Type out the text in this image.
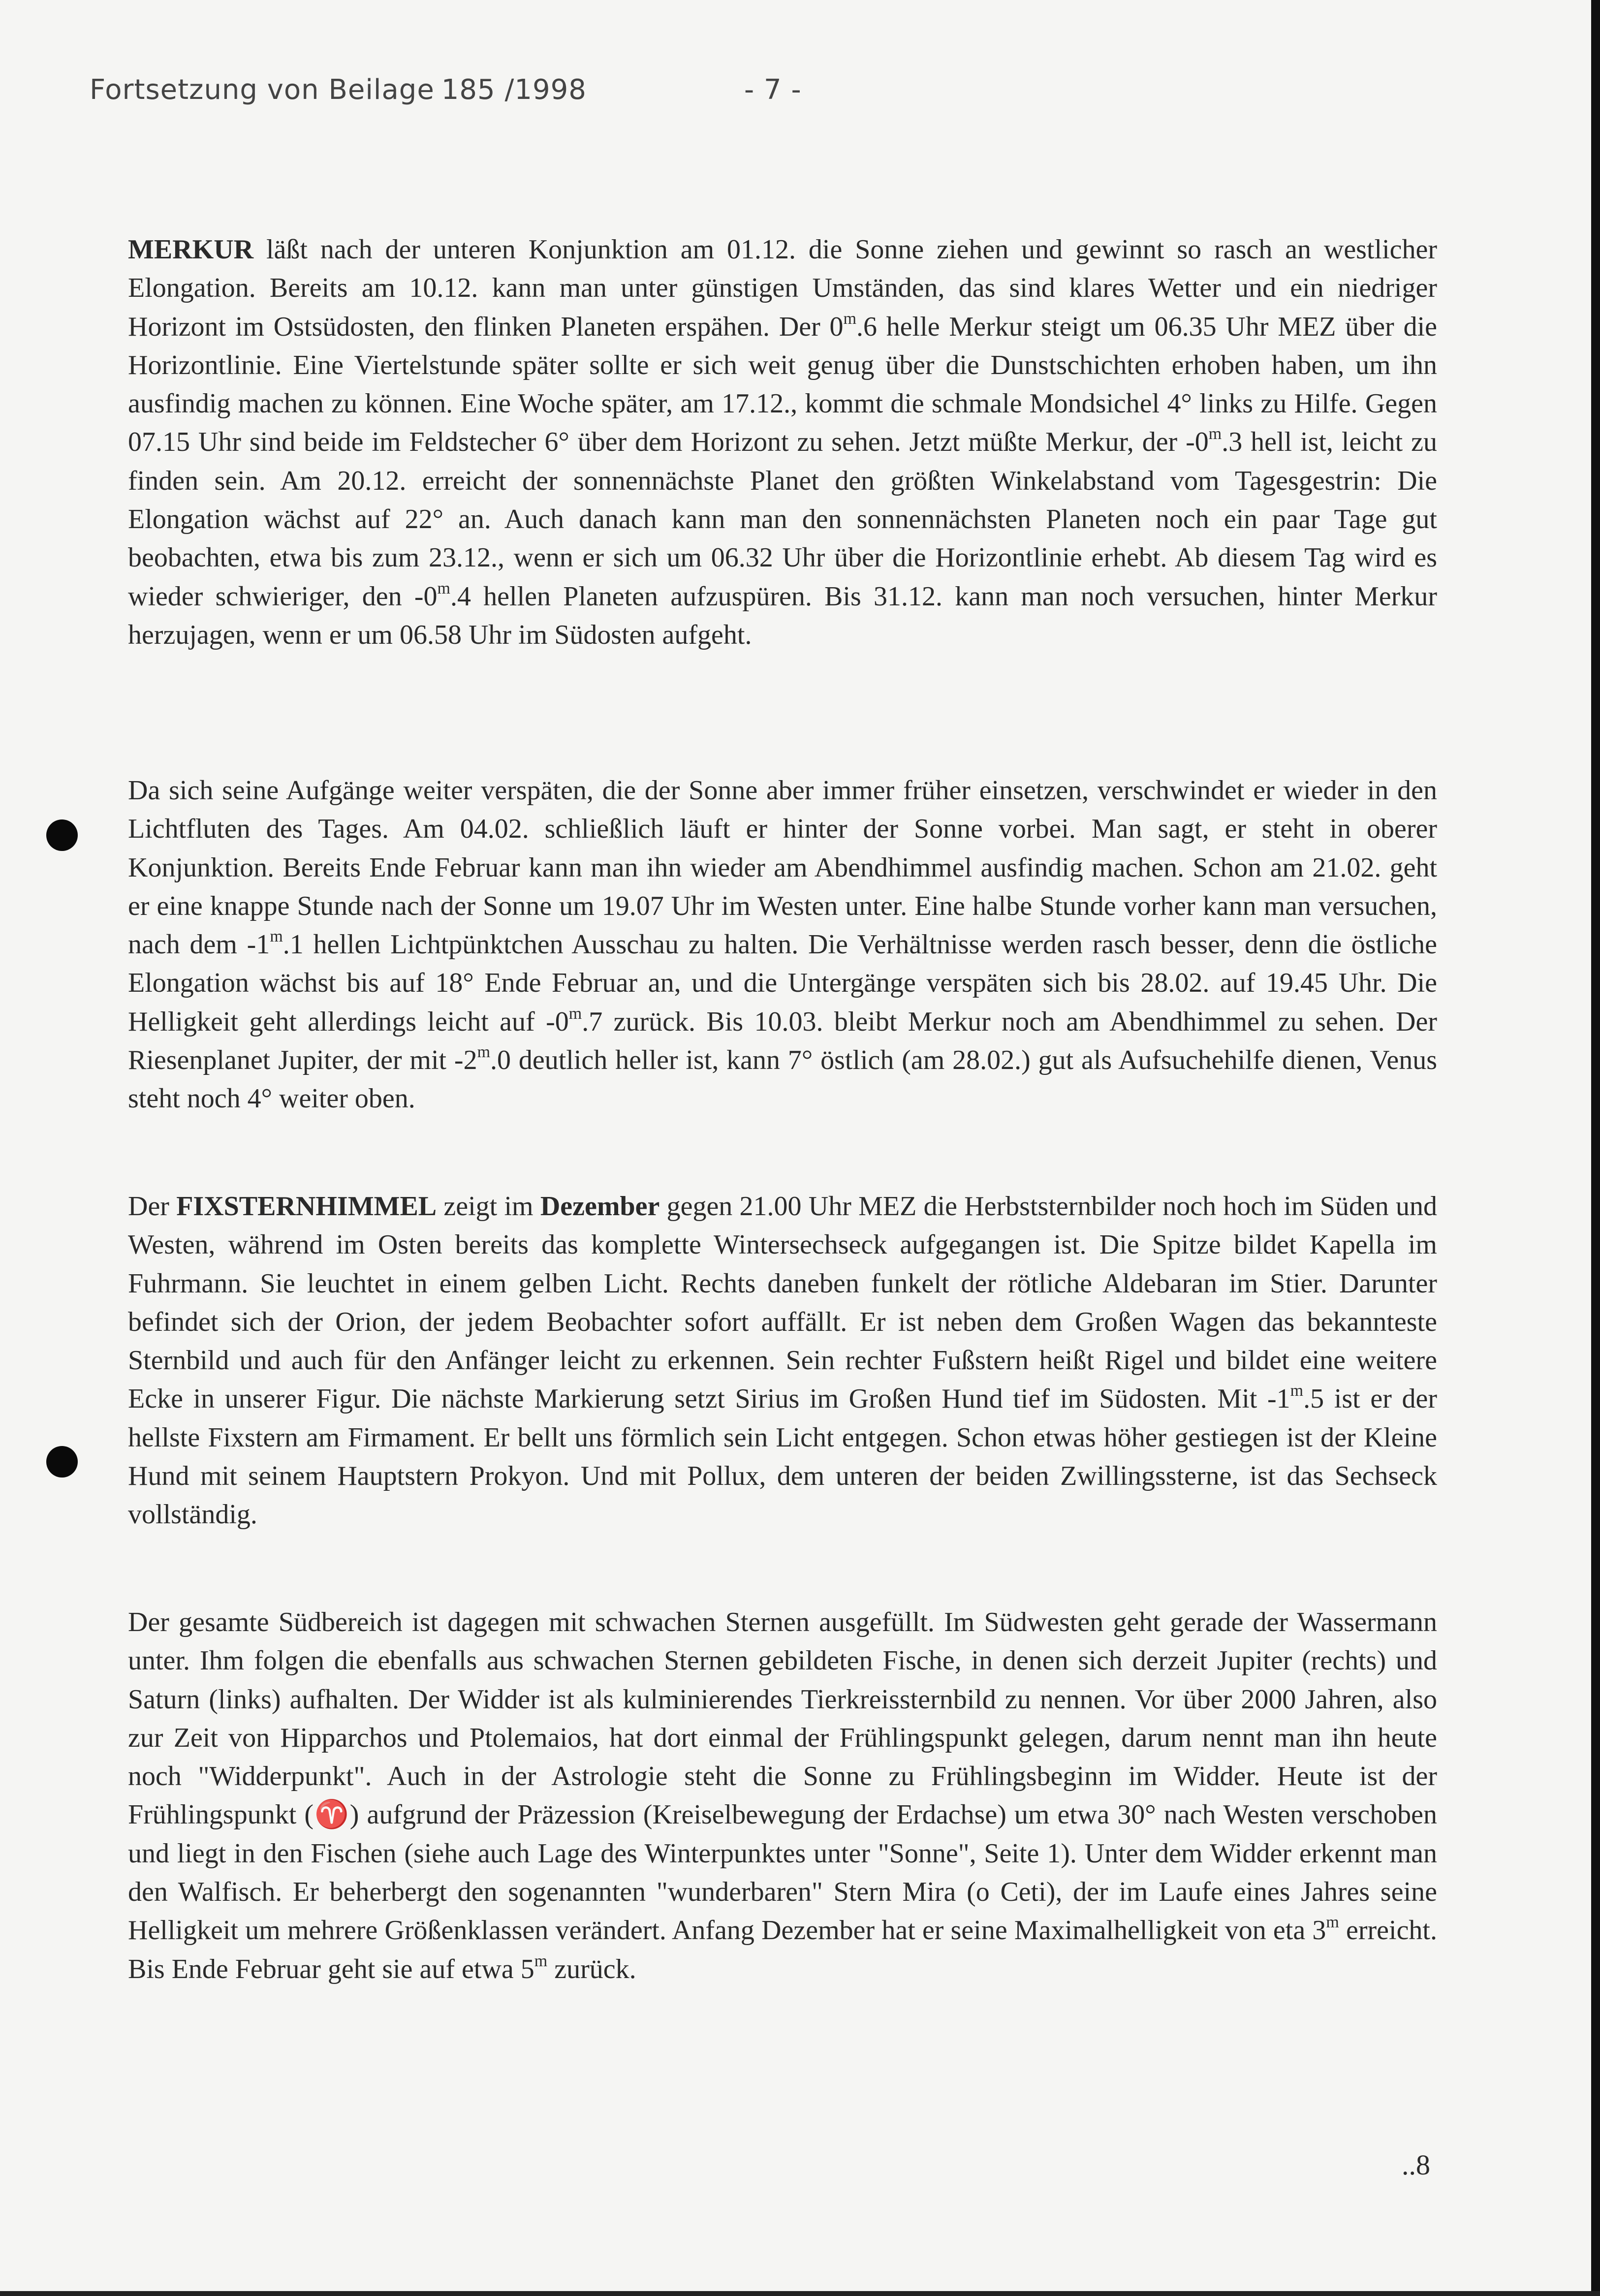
Fortsetzung von Beilage 185 /1998	- 7 -

MERKUR läßt nach der unteren Konjunktion am 01.12. die Sonne ziehen und gewinnt so rasch an westlicher Elongation. Bereits am 10.12. kann man unter günstigen Umständen, das sind klares Wetter und ein niedriger Horizont im Ostsüdosten, den flinken Planeten erspähen. Der 0$^m$.6 helle Merkur steigt um 06.35 Uhr MEZ über die Horizontlinie. Eine Viertelstunde später sollte er sich weit genug über die Dunstschichten erhoben haben, um ihn ausfindig machen zu können. Eine Woche später, am 17.12., kommt die schmale Mondsichel 4° links zu Hilfe. Gegen 07.15 Uhr sind beide im Feldstecher 6° über dem Horizont zu sehen. Jetzt müßte Merkur, der -0$^m$.3 hell ist, leicht zu finden sein. Am 20.12. erreicht der sonnennächste Planet den größten Winkelabstand vom Tagesgestrin: Die Elongation wächst auf 22° an. Auch danach kann man den sonnennächsten Planeten noch ein paar Tage gut beobachten, etwa bis zum 23.12., wenn er sich um 06.32 Uhr über die Horizontlinie erhebt. Ab diesem Tag wird es wieder schwieriger, den -0$^m$.4 hellen Planeten aufzuspüren. Bis 31.12. kann man noch versuchen, hinter Merkur herzujagen, wenn er um 06.58 Uhr im Südosten aufgeht.

Da sich seine Aufgänge weiter verspäten, die der Sonne aber immer früher einsetzen, verschwindet er wieder in den Lichtfluten des Tages. Am 04.02. schließlich läuft er hinter der Sonne vorbei. Man sagt, er steht in oberer Konjunktion. Bereits Ende Februar kann man ihn wieder am Abendhimmel ausfindig machen. Schon am 21.02. geht er eine knappe Stunde nach der Sonne um 19.07 Uhr im Westen unter. Eine halbe Stunde vorher kann man versuchen, nach dem -1$^m$.1 hellen Lichtpünktchen Ausschau zu halten. Die Verhältnisse werden rasch besser, denn die östliche Elongation wächst bis auf 18° Ende Februar an, und die Untergänge verspäten sich bis 28.02. auf 19.45 Uhr. Die Helligkeit geht allerdings leicht auf -0$^m$.7 zurück. Bis 10.03. bleibt Merkur noch am Abendhimmel zu sehen. Der Riesenplanet Jupiter, der mit -2$^m$.0 deutlich heller ist, kann 7° östlich (am 28.02.) gut als Aufsuchehilfe dienen, Venus steht noch 4° weiter oben.

Der FIXSTERNHIMMEL zeigt im Dezember gegen 21.00 Uhr MEZ die Herbststernbilder noch hoch im Süden und Westen, während im Osten bereits das komplette Wintersechseck aufgegangen ist. Die Spitze bildet Kapella im Fuhrmann. Sie leuchtet in einem gelben Licht. Rechts daneben funkelt der rötliche Aldebaran im Stier. Darunter befindet sich der Orion, der jedem Beobachter sofort auffällt. Er ist neben dem Großen Wagen das bekannteste Sternbild und auch für den Anfänger leicht zu erkennen. Sein rechter Fußstern heißt Rigel und bildet eine weitere Ecke in unserer Figur. Die nächste Markierung setzt Sirius im Großen Hund tief im Südosten. Mit -1$^m$.5 ist er der hellste Fixstern am Firmament. Er bellt uns förmlich sein Licht entgegen. Schon etwas höher gestiegen ist der Kleine Hund mit seinem Hauptstern Prokyon. Und mit Pollux, dem unteren der beiden Zwillingssterne, ist das Sechseck vollständig.

Der gesamte Südbereich ist dagegen mit schwachen Sternen ausgefüllt. Im Südwesten geht gerade der Wassermann unter. Ihm folgen die ebenfalls aus schwachen Sternen gebildeten Fische, in denen sich derzeit Jupiter (rechts) und Saturn (links) aufhalten. Der Widder ist als kulminierendes Tierkreissternbild zu nennen. Vor über 2000 Jahren, also zur Zeit von Hipparchos und Ptolemaios, hat dort einmal der Frühlingspunkt gelegen, darum nennt man ihn heute noch "Widderpunkt". Auch in der Astrologie steht die Sonne zu Frühlingsbeginn im Widder. Heute ist der Frühlingspunkt (♈) aufgrund der Präzession (Kreiselbewegung der Erdachse) um etwa 30° nach Westen verschoben und liegt in den Fischen (siehe auch Lage des Winterpunktes unter "Sonne", Seite 1). Unter dem Widder erkennt man den Walfisch. Er beherbergt den sogenannten "wunderbaren" Stern Mira (o Ceti), der im Laufe eines Jahres seine Helligkeit um mehrere Größenklassen verändert. Anfang Dezember hat er seine Maximalhelligkeit von eta 3$^m$ erreicht. Bis Ende Februar geht sie auf etwa 5$^m$ zurück.

..8
